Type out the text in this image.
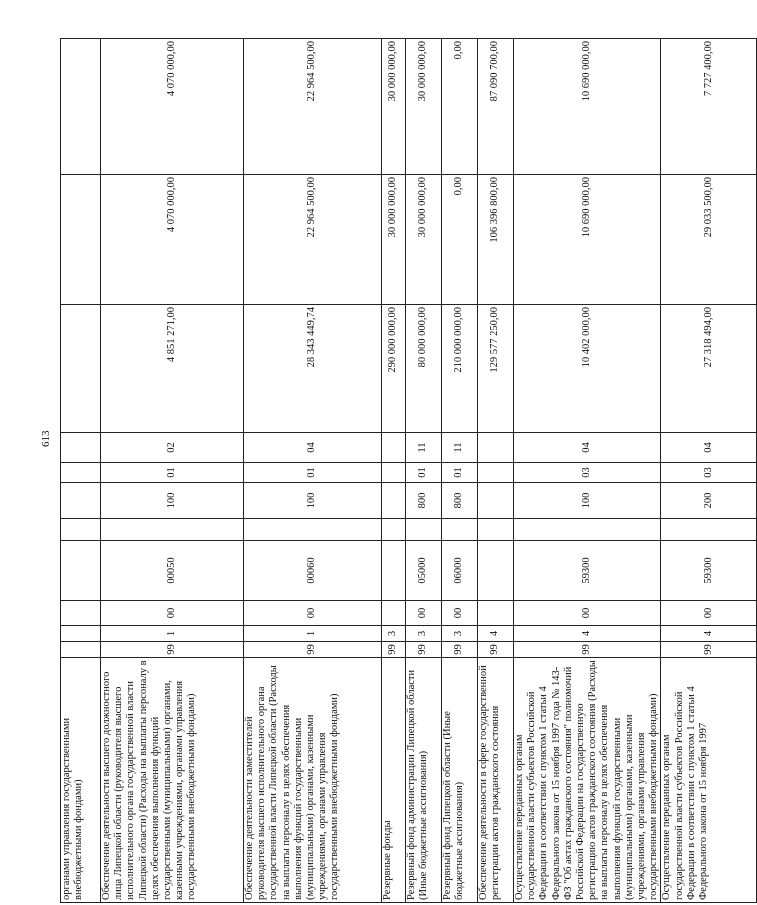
613
органами управления государственными внебюджетными фондами)											
Обеспечение деятельности высшего должностного лица Липецкой области (руководителя высшего исполнительного органа государственной власти Липецкой области) (Расходы на выплаты персоналу в целях обеспечения выполнения функций государственными (муниципальными) органами, казенными учреждениями, органами управления государственными внебюджетными фондами)	99	1	00	00050		100	01	02	4 851 271,00	4 070 000,00	4 070 000,00
Обеспечение деятельности заместителей руководителя высшего исполнительного органа государственной власти Липецкой области (Расходы на выплаты персоналу в целях обеспечения выполнения функций государственными (муниципальными) органами, казенными учреждениями, органами управления государственными внебюджетными фондами)	99	1	00	00060		100	01	04	28 343 449,74	22 964 500,00	22 964 500,00
Резервные фонды	99	3							290 000 000,00	30 000 000,00	30 000 000,00
Резервный фонд администрации Липецкой области (Иные бюджетные ассигнования)	99	3	00	05000		800	01	11	80 000 000,00	30 000 000,00	30 000 000,00
Резервный фонд Липецкой области (Иные бюджетные ассигнования)	99	3	00	06000		800	01	11	210 000 000,00	0,00	0,00
Обеспечение деятельности в сфере государственной регистрации актов гражданского состояния	99	4							129 577 250,00	106 396 800,00	87 090 700,00
Осуществление переданных органам государственной власти субъектов Российской Федерации в соответствии с пунктом 1 статьи 4 Федерального закона от 15 ноября 1997 года № 143-ФЗ "Об актах гражданского состояния" полномочий Российской Федерации на государственную регистрацию актов гражданского состояния (Расходы на выплаты персоналу в целях обеспечения выполнения функций государственными (муниципальными) органами, казенными учреждениями, органами управления государственными внебюджетными фондами)	99	4	00	59300		100	03	04	10 402 000,00	10 690 000,00	10 690 000,00
Осуществление переданных органам государственной власти субъектов Российской Федерации в соответствии с пунктом 1 статьи 4 Федерального закона от 15 ноября 1997	99	4	00	59300		200	03	04	27 318 494,00	29 033 500,00	7 727 400,00
